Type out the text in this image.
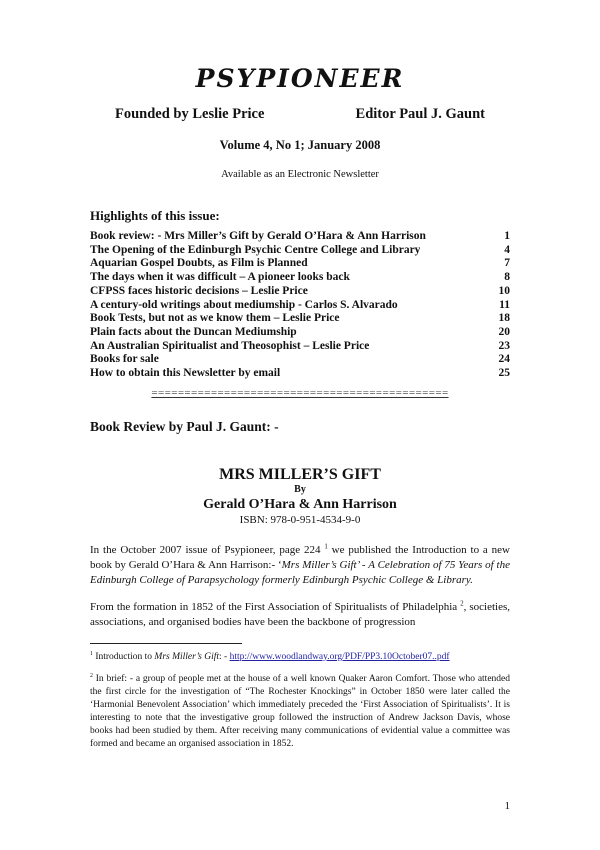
PSYPIONEER
Founded by Leslie Price	Editor Paul J. Gaunt
Volume 4, No 1; January 2008
Available as an Electronic Newsletter
Highlights of this issue:
Book review: - Mrs Miller’s Gift by Gerald O’Hara & Ann Harrison	1
The Opening of the Edinburgh Psychic Centre College and Library	4
Aquarian Gospel Doubts, as Film is Planned	7
The days when it was difficult – A pioneer looks back	8
CFPSS faces historic decisions – Leslie Price	10
A century-old writings about mediumship - Carlos S. Alvarado	11
Book Tests, but not as we know them – Leslie Price	18
Plain facts about the Duncan Mediumship	20
An Australian Spiritualist and Theosophist – Leslie Price	23
Books for sale	24
How to obtain this Newsletter by email	25
=============================================
Book Review by Paul J. Gaunt: -
MRS MILLER’S GIFT
By
Gerald O’Hara & Ann Harrison
ISBN: 978-0-951-4534-9-0

In the October 2007 issue of Psypioneer, page 224 $^1$ we published the Introduction to a new book by Gerald O’Hara & Ann Harrison:- ‘Mrs Miller’s Gift’ - A Celebration of 75 Years of the Edinburgh College of Parapsychology formerly Edinburgh Psychic College & Library.

From the formation in 1852 of the First Association of Spiritualists of Philadelphia $^2$, societies, associations, and organised bodies have been the backbone of progression

$^1$ Introduction to Mrs Miller’s Gift: - http://www.woodlandway.org/PDF/PP3.10October07..pdf

$^2$ In brief: - a group of people met at the house of a well known Quaker Aaron Comfort. Those who attended the first circle for the investigation of “The Rochester Knockings” in October 1850 were later called the ‘Harmonial Benevolent Association’ which immediately preceded the ‘First Association of Spiritualists’. It is interesting to note that the investigative group followed the instruction of Andrew Jackson Davis, whose books had been studied by them. After receiving many communications of evidential value a committee was formed and became an organised association in 1852.

1
